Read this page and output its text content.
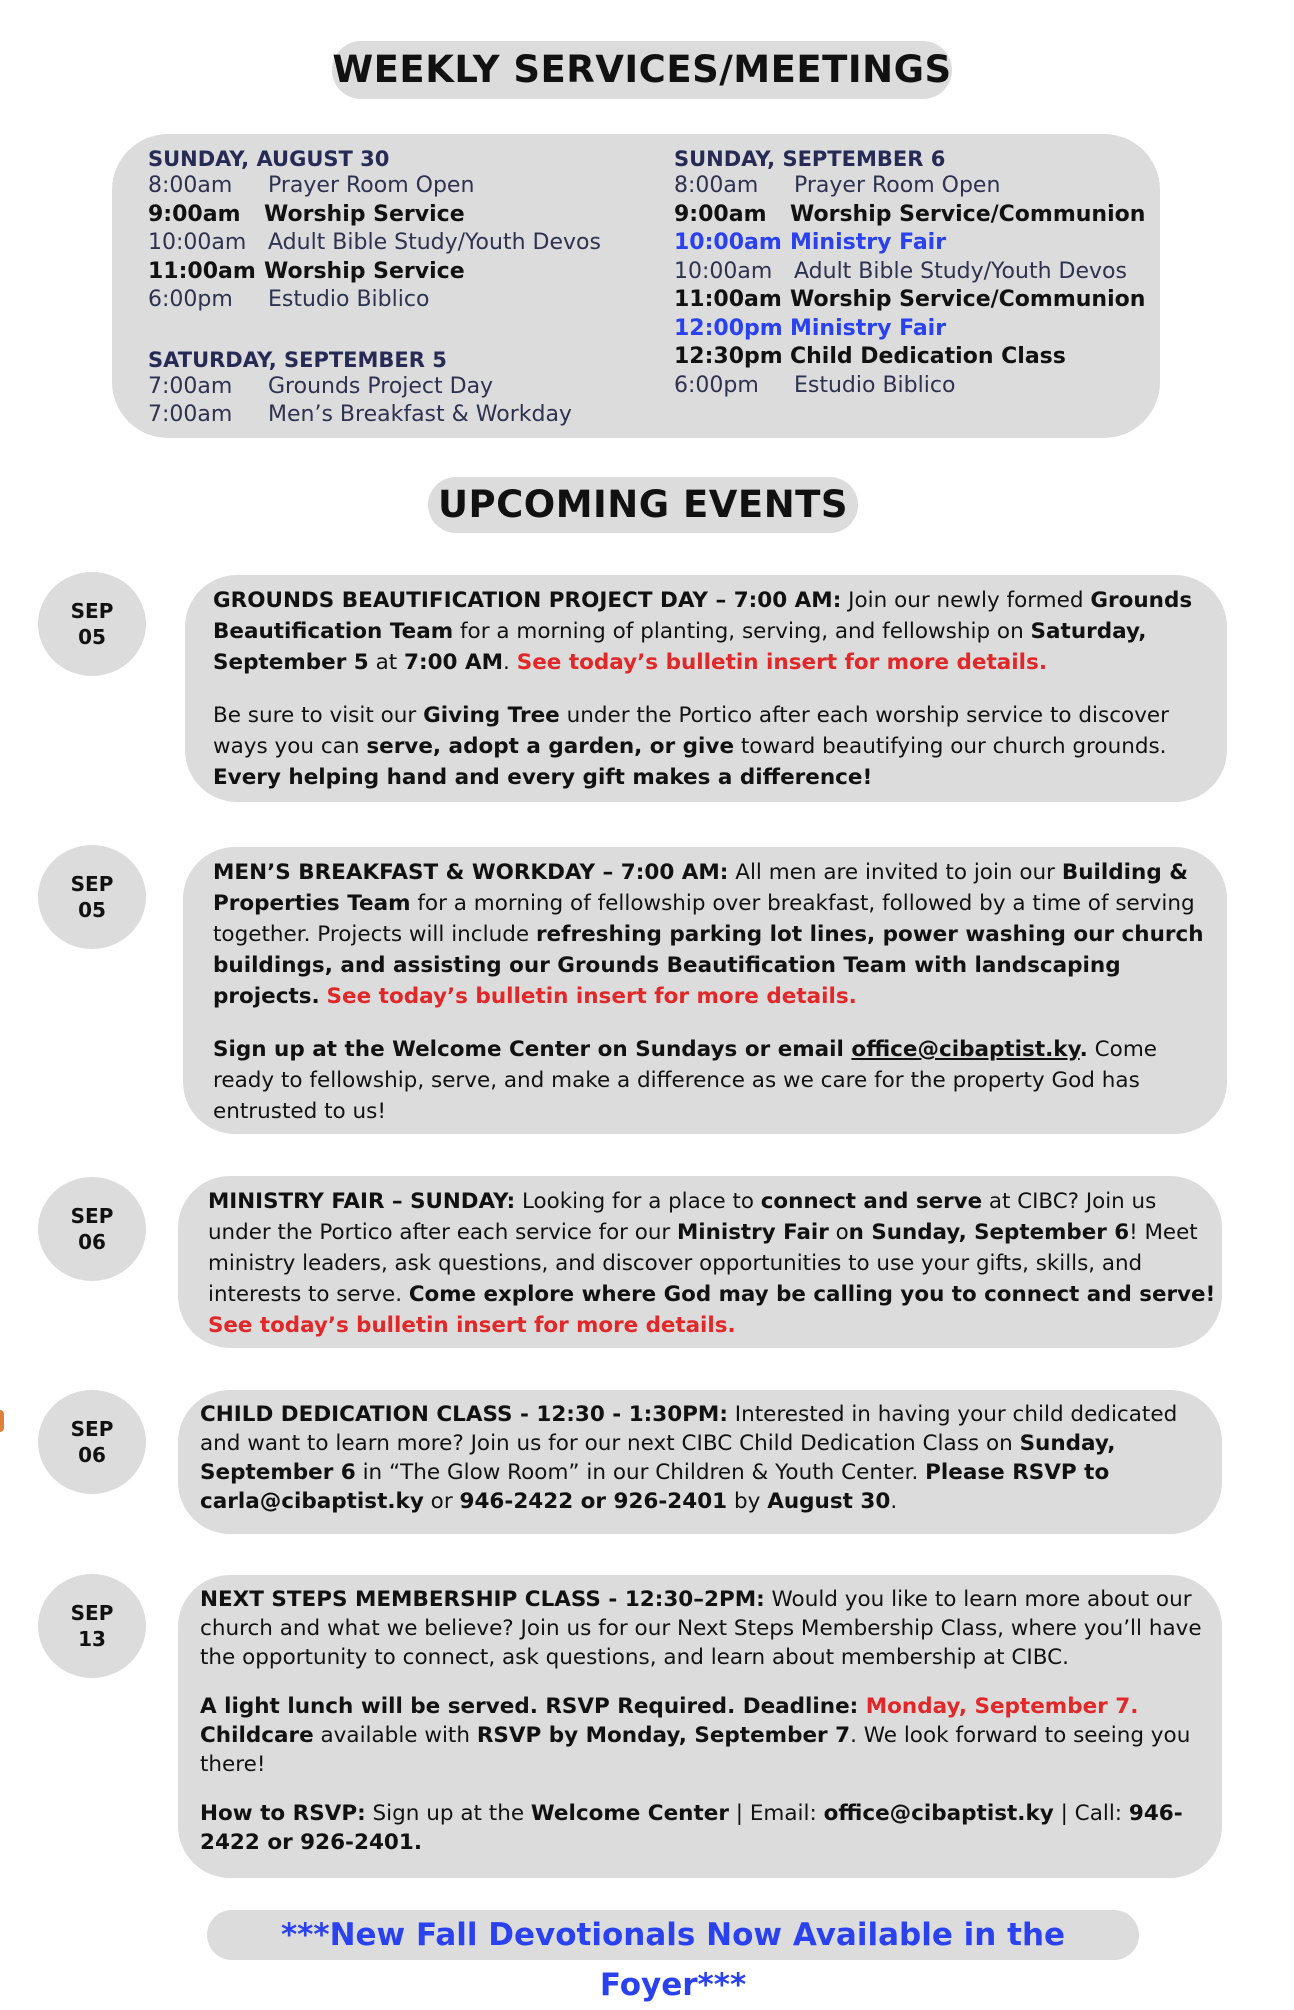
WEEKLY SERVICES/MEETINGS
SUNDAY, AUGUST 30
8:00am Prayer Room Open
9:00am Worship Service
10:00am Adult Bible Study/Youth Devos
11:00am Worship Service
6:00pm Estudio Biblico
SATURDAY, SEPTEMBER 5
7:00am Grounds Project Day
7:00am Men’s Breakfast & Workday
SUNDAY, SEPTEMBER 6
8:00am Prayer Room Open
9:00am Worship Service/Communion
10:00am Ministry Fair
10:00am Adult Bible Study/Youth Devos
11:00am Worship Service/Communion
12:00pm Ministry Fair
12:30pm Child Dedication Class
6:00pm Estudio Biblico
UPCOMING EVENTS
SEP
05

GROUNDS BEAUTIFICATION PROJECT DAY – 7:00 AM: Join our newly formed Grounds Beautification Team for a morning of planting, serving, and fellowship on Saturday, September 5 at 7:00 AM. See today’s bulletin insert for more details.

Be sure to visit our Giving Tree under the Portico after each worship service to discover ways you can serve, adopt a garden, or give toward beautifying our church grounds. Every helping hand and every gift makes a difference!

SEP
05

MEN’S BREAKFAST & WORKDAY – 7:00 AM: All men are invited to join our Building & Properties Team for a morning of fellowship over breakfast, followed by a time of serving together. Projects will include refreshing parking lot lines, power washing our church buildings, and assisting our Grounds Beautification Team with landscaping projects. See today’s bulletin insert for more details.

Sign up at the Welcome Center on Sundays or email office@cibaptist.ky. Come ready to fellowship, serve, and make a difference as we care for the property God has entrusted to us!

SEP
06

MINISTRY FAIR – SUNDAY: Looking for a place to connect and serve at CIBC? Join us under the Portico after each service for our Ministry Fair on Sunday, September 6! Meet ministry leaders, ask questions, and discover opportunities to use your gifts, skills, and interests to serve. Come explore where God may be calling you to connect and serve! See today’s bulletin insert for more details.

SEP
06

CHILD DEDICATION CLASS - 12:30 - 1:30PM: Interested in having your child dedicated and want to learn more? Join us for our next CIBC Child Dedication Class on Sunday, September 6 in “The Glow Room” in our Children & Youth Center. Please RSVP to carla@cibaptist.ky or 946-2422 or 926-2401 by August 30.

SEP
13

NEXT STEPS MEMBERSHIP CLASS - 12:30–2PM: Would you like to learn more about our church and what we believe? Join us for our Next Steps Membership Class, where you’ll have the opportunity to connect, ask questions, and learn about membership at CIBC.

A light lunch will be served. RSVP Required. Deadline: Monday, September 7. Childcare available with RSVP by Monday, September 7. We look forward to seeing you there!

How to RSVP: Sign up at the Welcome Center | Email: office@cibaptist.ky | Call: 946-2422 or 926-2401.

***New Fall Devotionals Now Available in the Foyer***
